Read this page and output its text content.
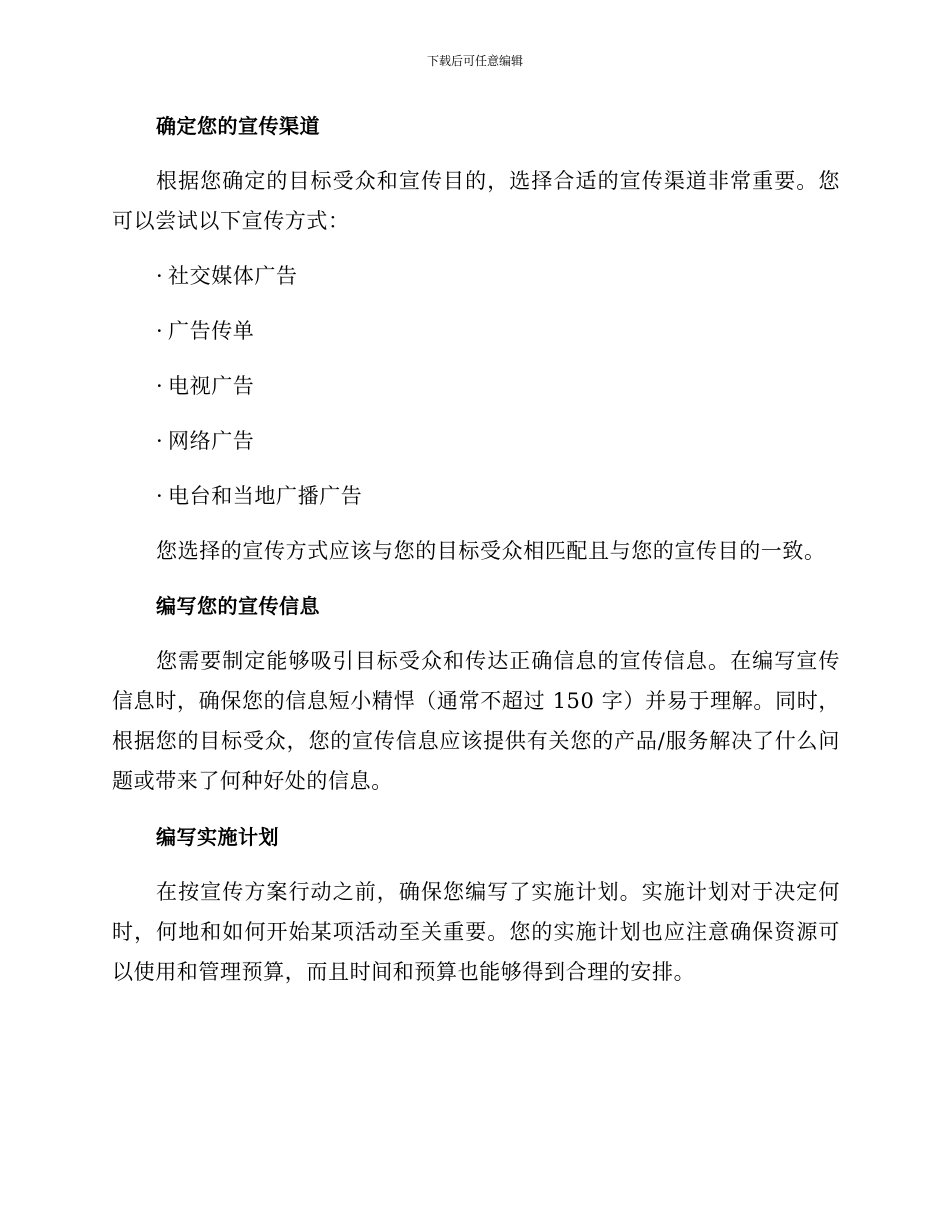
下载后可任意编辑

确定您的宣传渠道

根据您确定的目标受众和宣传目的，选择合适的宣传渠道非常重要。您可以尝试以下宣传方式：

· 社交媒体广告

· 广告传单

· 电视广告

· 网络广告

· 电台和当地广播广告

您选择的宣传方式应该与您的目标受众相匹配且与您的宣传目的一致。

编写您的宣传信息

您需要制定能够吸引目标受众和传达正确信息的宣传信息。在编写宣传信息时，确保您的信息短小精悍（通常不超过 150 字）并易于理解。同时，根据您的目标受众，您的宣传信息应该提供有关您的产品/服务解决了什么问题或带来了何种好处的信息。

编写实施计划

在按宣传方案行动之前，确保您编写了实施计划。实施计划对于决定何时，何地和如何开始某项活动至关重要。您的实施计划也应注意确保资源可以使用和管理预算，而且时间和预算也能够得到合理的安排。
